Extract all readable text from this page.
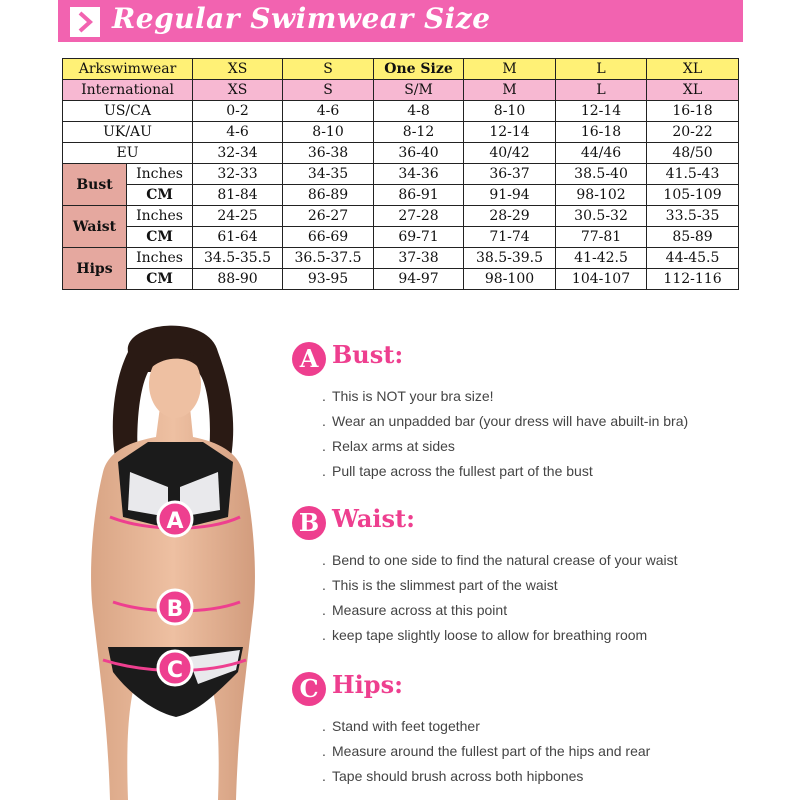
Regular Swimwear Size
Arkswimwear		XS	S	One Size	M	L	XL
International		XS	S	S/M	M	L	XL
US/CA		0-2	4-6	4-8	8-10	12-14	16-18
UK/AU		4-6	8-10	8-12	12-14	16-18	20-22
EU		32-34	36-38	36-40	40/42	44/46	48/50
Bust	Inches	32-33	34-35	34-36	36-37	38.5-40	41.5-43
	CM	81-84	86-89	86-91	91-94	98-102	105-109
Waist	Inches	24-25	26-27	27-28	28-29	30.5-32	33.5-35
	CM	61-64	66-69	69-71	71-74	77-81	85-89
Hips	Inches	34.5-35.5	36.5-37.5	37-38	38.5-39.5	41-42.5	44-45.5
	CM	88-90	93-95	94-97	98-100	104-107	112-116
A
B
C
A Bust:
. This is NOT your bra size!
. Wear an unpadded bar (your dress will have abuilt-in bra)
. Relax arms at sides
. Pull tape across the fullest part of the bust
B Waist:
. Bend to one side to find the natural crease of your waist
. This is the slimmest part of the waist
. Measure across at this point
. keep tape slightly loose to allow for breathing room
C Hips:
. Stand with feet together
. Measure around the fullest part of the hips and rear
. Tape should brush across both hipbones
